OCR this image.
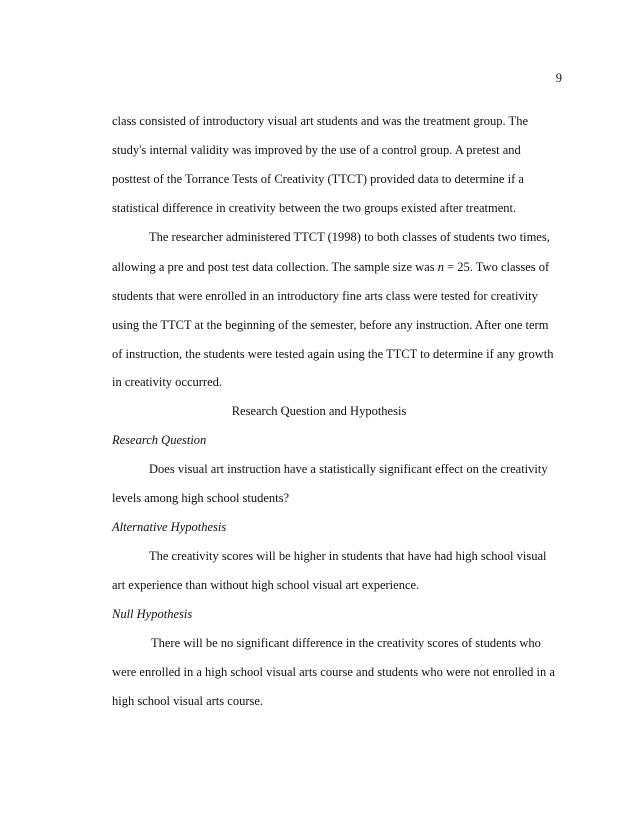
9
class consisted of introductory visual art students and was the treatment group. The
study's internal validity was improved by the use of a control group. A pretest and
posttest of the Torrance Tests of Creativity (TTCT) provided data to determine if a
statistical difference in creativity between the two groups existed after treatment.
The researcher administered TTCT (1998) to both classes of students two times,
allowing a pre and post test data collection. The sample size was n = 25. Two classes of
students that were enrolled in an introductory fine arts class were tested for creativity
using the TTCT at the beginning of the semester, before any instruction. After one term
of instruction, the students were tested again using the TTCT to determine if any growth
in creativity occurred.
Research Question and Hypothesis
Research Question
Does visual art instruction have a statistically significant effect on the creativity
levels among high school students?
Alternative Hypothesis
The creativity scores will be higher in students that have had high school visual
art experience than without high school visual art experience.
Null Hypothesis
There will be no significant difference in the creativity scores of students who
were enrolled in a high school visual arts course and students who were not enrolled in a
high school visual arts course.
